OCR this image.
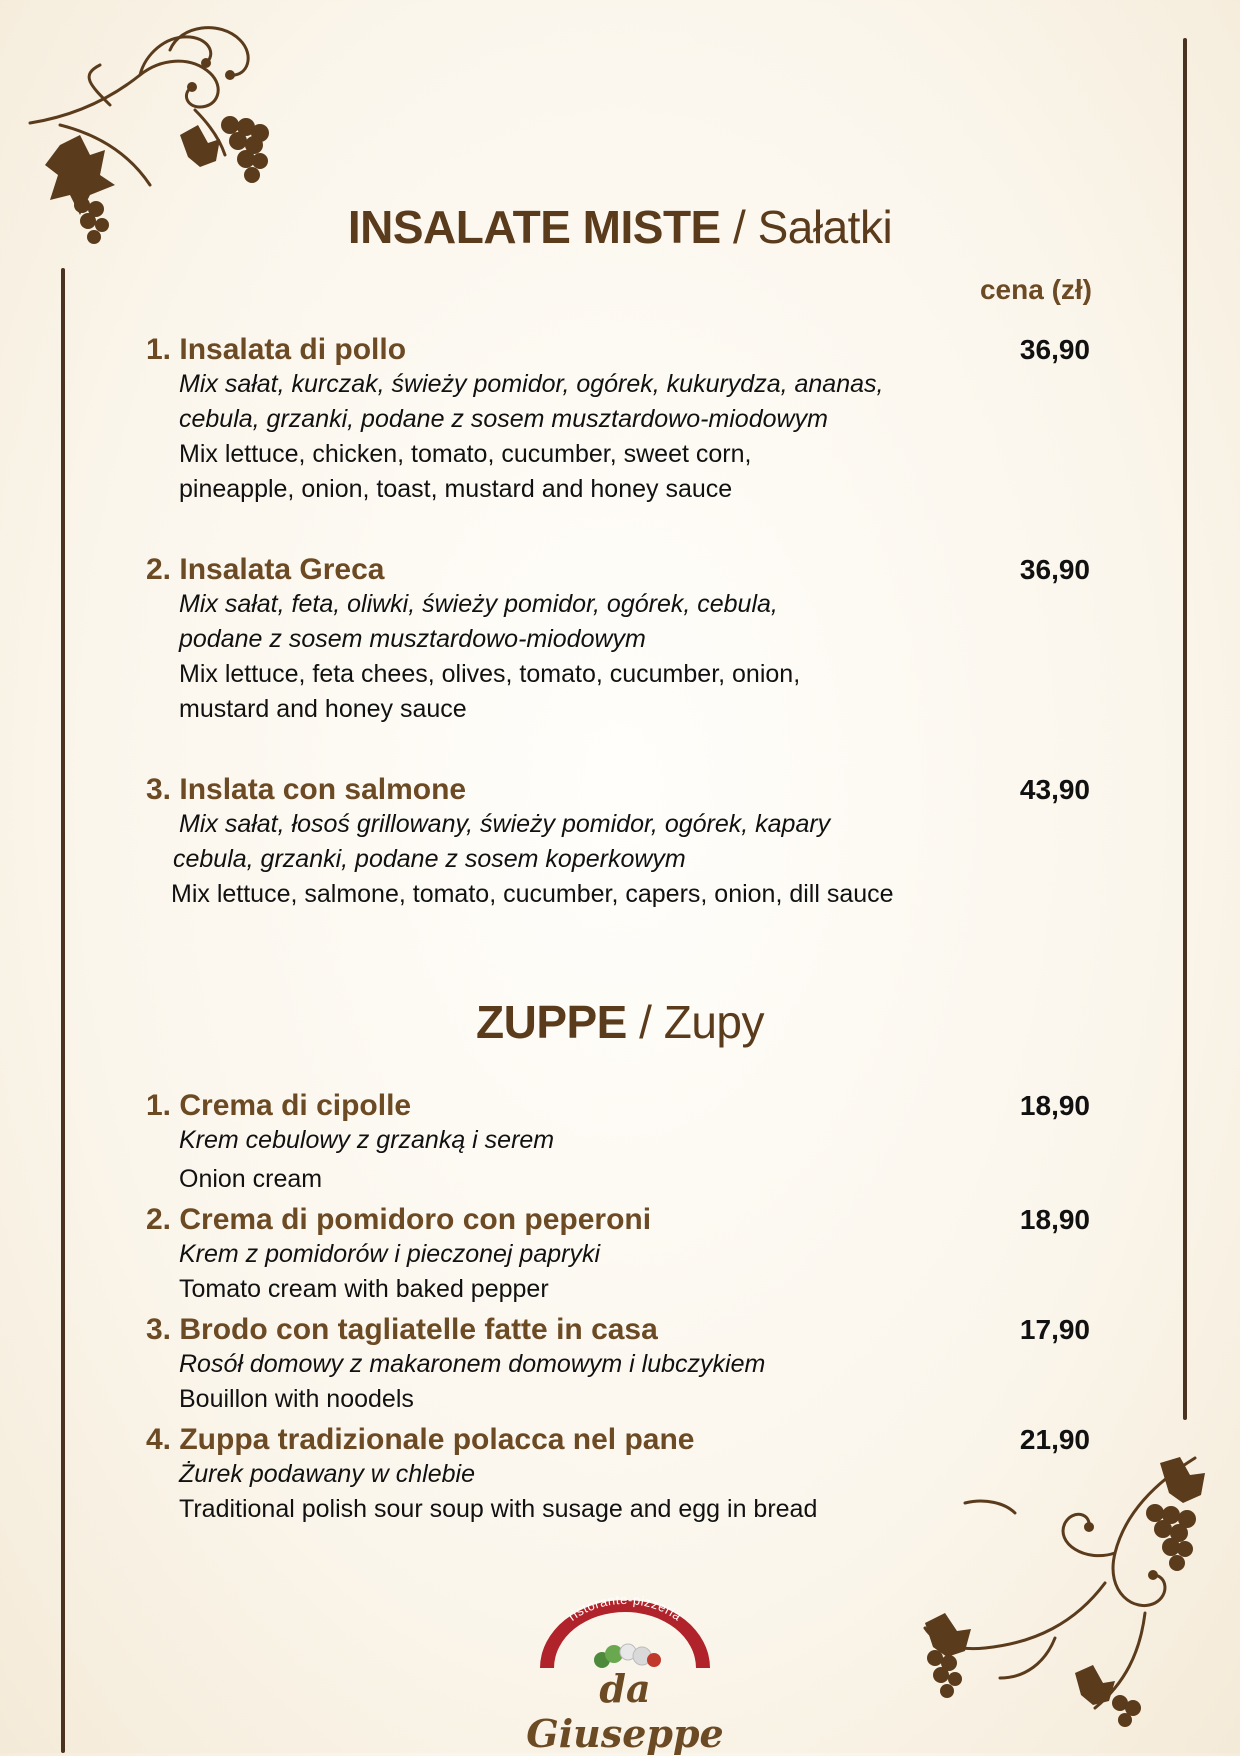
INSALATE MISTE / Sałatki
cena (zł)
1. Insalata di pollo	36,90
Mix sałat, kurczak, świeży pomidor, ogórek, kukurydza, ananas,
cebula, grzanki, podane z sosem musztardowo-miodowym
Mix lettuce, chicken, tomato, cucumber, sweet corn,
pineapple, onion, toast, mustard and honey sauce
2. Insalata Greca	36,90
Mix sałat, feta, oliwki, świeży pomidor, ogórek, cebula,
podane z sosem musztardowo-miodowym
Mix lettuce, feta chees, olives, tomato, cucumber, onion,
mustard and honey sauce
3. Inslata con salmone	43,90
Mix sałat, łosoś grillowany, świeży pomidor, ogórek, kapary
cebula, grzanki, podane z sosem koperkowym
Mix lettuce, salmone, tomato, cucumber, capers, onion, dill sauce
ZUPPE / Zupy
1. Crema di cipolle	18,90
Krem cebulowy z grzanką i serem
Onion cream
2. Crema di pomidoro con peperoni	18,90
Krem z pomidorów i pieczonej papryki
Tomato cream with baked pepper
3. Brodo con tagliatelle fatte in casa	17,90
Rosół domowy z makaronem domowym i lubczykiem
Bouillon with noodels
4. Zuppa tradizionale polacca nel pane	21,90
Żurek podawany w chlebie
Traditional polish sour soup with susage and egg in bread
ristorante-pizzeria
da Giuseppe
